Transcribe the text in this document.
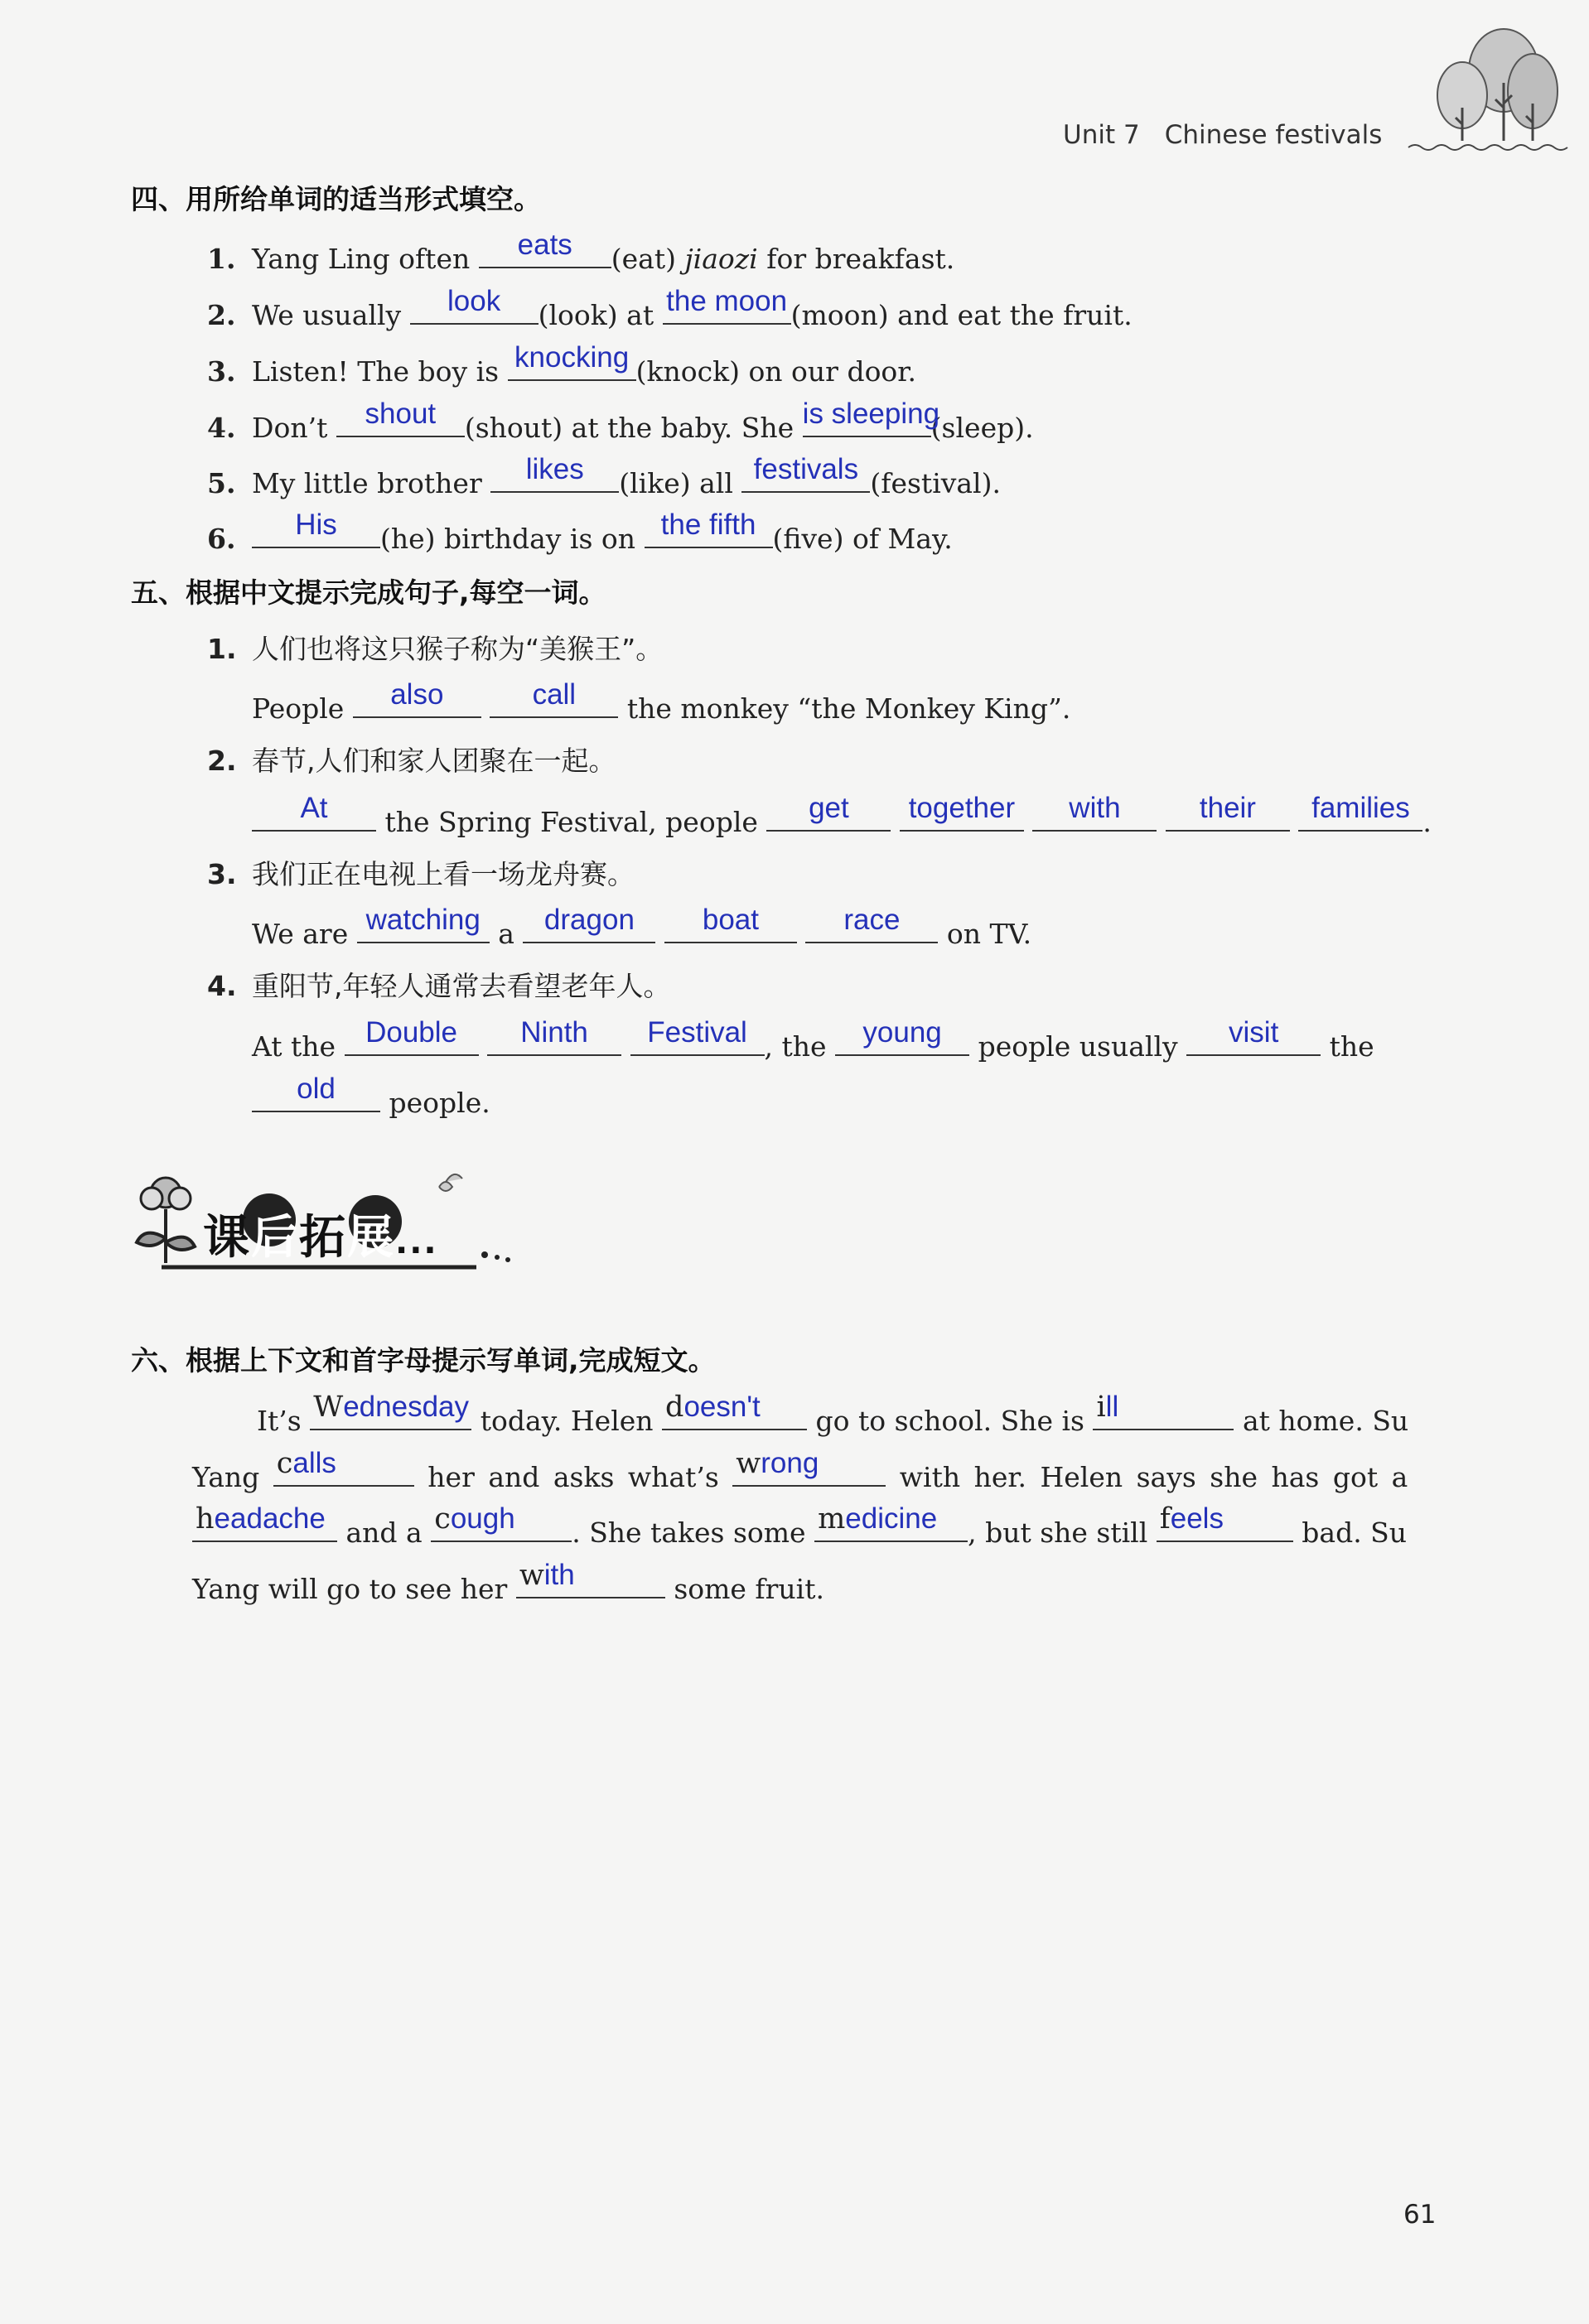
Unit 7 Chinese festivals
四、用所给单词的适当形式填空。
1. Yang Ling often	eats	(eat) jiaozi for breakfast.
2. We usually	look	(look) at the moon (moon) and eat the fruit.
3. Listen! The boy is knocking (knock) on our door.
4. Don’t	shout	(shout) at the baby. She is sleeping
(sleep).
5. My little brother	likes	(like) all festivals (festival).
6.	His	(he) birthday is on the fifth (five) of May.
五、根据中文提示完成句子,每空一词。
1. 人们也将这只猴子称为“美猴王”。
People	also
	call	the monkey “the Monkey King”.
2. 春节,人们和家人团聚在一起。
At	the Spring Festival, people	get
	together
	with
	their
	families .
3. 我们正在电视上看一场龙舟赛。
We are watching a	dragon
	boat
	race	on TV.
4. 重阳节,年轻人通常去看望老年人。
At the	Double
	Ninth
	Festival , the	young	people usually	visit	the
old	people.
课后拓展...
六、根据上下文和首字母提示写单词,完成短文。
It’s Wednesday today. Helen doesn't go to school. She is ill	at home. Su
Yang calls	her and asks what’s wrong	with her. Helen says she has got a
headache and a cough . She takes some medicine , but she still feels	bad. Su
Yang will go to see her with	some fruit.
61
